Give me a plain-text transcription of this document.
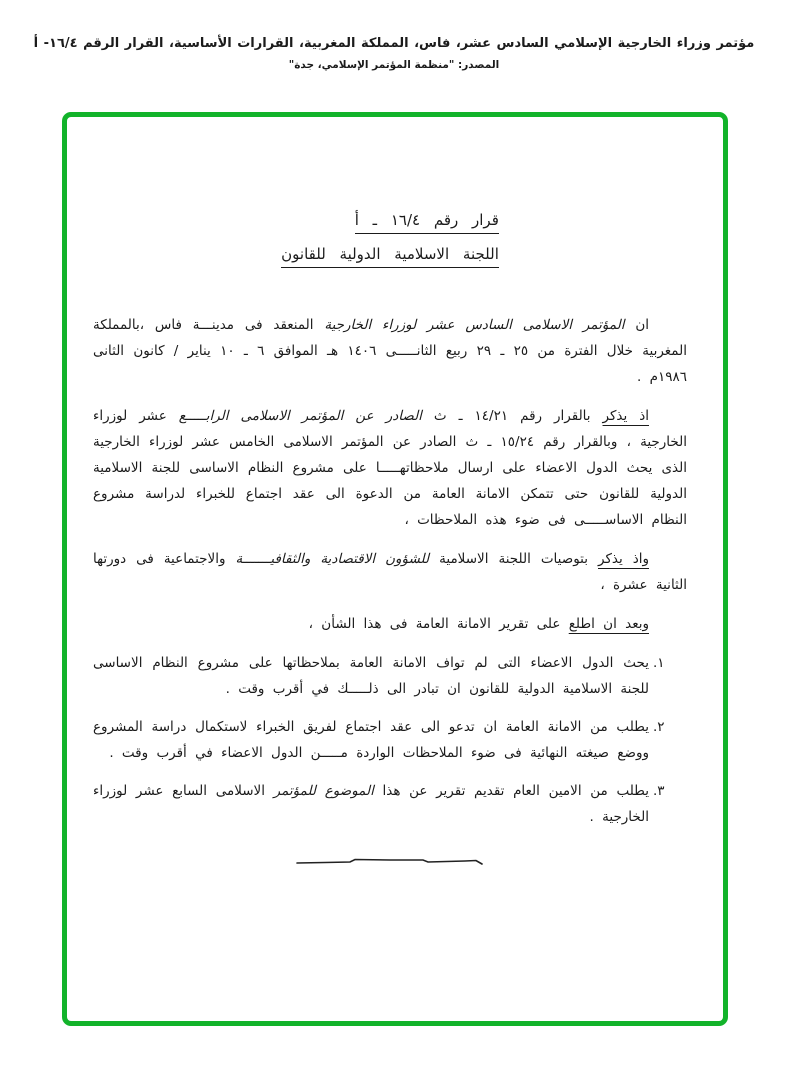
مؤتمر وزراء الخارجية الإسلامي السادس عشر، فاس، المملكة المغربية، القرارات الأساسية، القرار الرقم ١٦/٤- أ
المصدر: "منظمة المؤتمر الإسلامي، جدة"
قرار رقم ١٦/٤ ـ أ
اللجنة الاسلامية الدولية للقانون

ان المؤتمر الاسلامى السادس عشر لوزراء الخارجية المنعقد فى مدينـــة فاس ،بالمملكة المغربية خلال الفترة من ٢٥ ـ ٢٩ ربيع الثانـــــى ١٤٠٦ هـ الموافق ٦ ـ ١٠ يناير / كانون الثانى ١٩٨٦م .

اذ يذكر بالقرار رقم ١٤/٢١ ـ ث الصادر عن المؤتمر الاسلامى الرابـــــع عشر لوزراء الخارجية ، وبالقرار رقم ١٥/٢٤ ـ ث الصادر عن المؤتمر الاسلامى الخامس عشر لوزراء الخارجية الذى يحث الدول الاعضاء على ارسال ملاحظاتهـــــا على مشروع النظام الاساسى للجنة الاسلامية الدولية للقانون حتى تتمكن الامانة العامة من الدعوة الى عقد اجتماع للخبراء لدراسة مشروع النظام الاساســـــى فى ضوء هذه الملاحظات ،

واذ يذكر بتوصيات اللجنة الاسلامية للشؤون الاقتصادية والثقافيـــــــة والاجتماعية فى دورتها الثانية عشرة ،

وبعد ان اطلع على تقرير الامانة العامة فى هذا الشأن ،

.١
يحث الدول الاعضاء التى لم تواف الامانة العامة بملاحظاتها على مشروع النظام الاساسى للجنة الاسلامية الدولية للقانون ان تبادر الى ذلـــــك في أقرب وقت .
.٢
يطلب من الامانة العامة ان تدعو الى عقد اجتماع لفريق الخبراء لاستكمال دراسة المشروع ووضع صيغته النهائية فى ضوء الملاحظات الواردة مـــــن الدول الاعضاء في أقرب وقت .
.٣
يطلب من الامين العام تقديم تقرير عن هذا الموضوع للمؤتمر الاسلامى السابع عشر لوزراء الخارجية .
